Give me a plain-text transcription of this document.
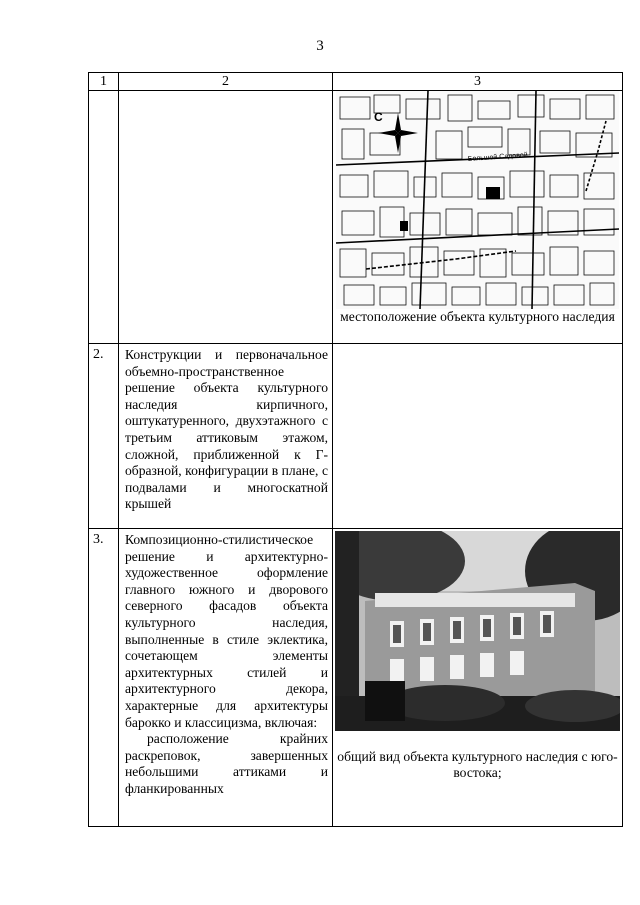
3
1	2	3

С
Большой Садовой
местоположение объекта культурного наследия

2.	Конструкции и первоначальное объемно-пространственное решение объекта культурного наследия кирпичного, оштукатуренного, двухэтажного с третьим аттиковым этажом, сложной, приближенной к Г-образной, конфигурации в плане, с подвалами и многоскатной крышей	

3.	Композиционно-стилистическое решение и архитектурно-художественное оформление главного южного и дворового северного фасадов объекта культурного наследия, выполненные в стиле эклектика, сочетающем элементы архитектурных стилей и архитектурного декора, характерные для архитектуры барокко и классицизма, включая:

расположение крайних раскреповок, завершенных небольшими аттиками и фланкированных	общий вид объекта культурного наследия с юго-востока;
